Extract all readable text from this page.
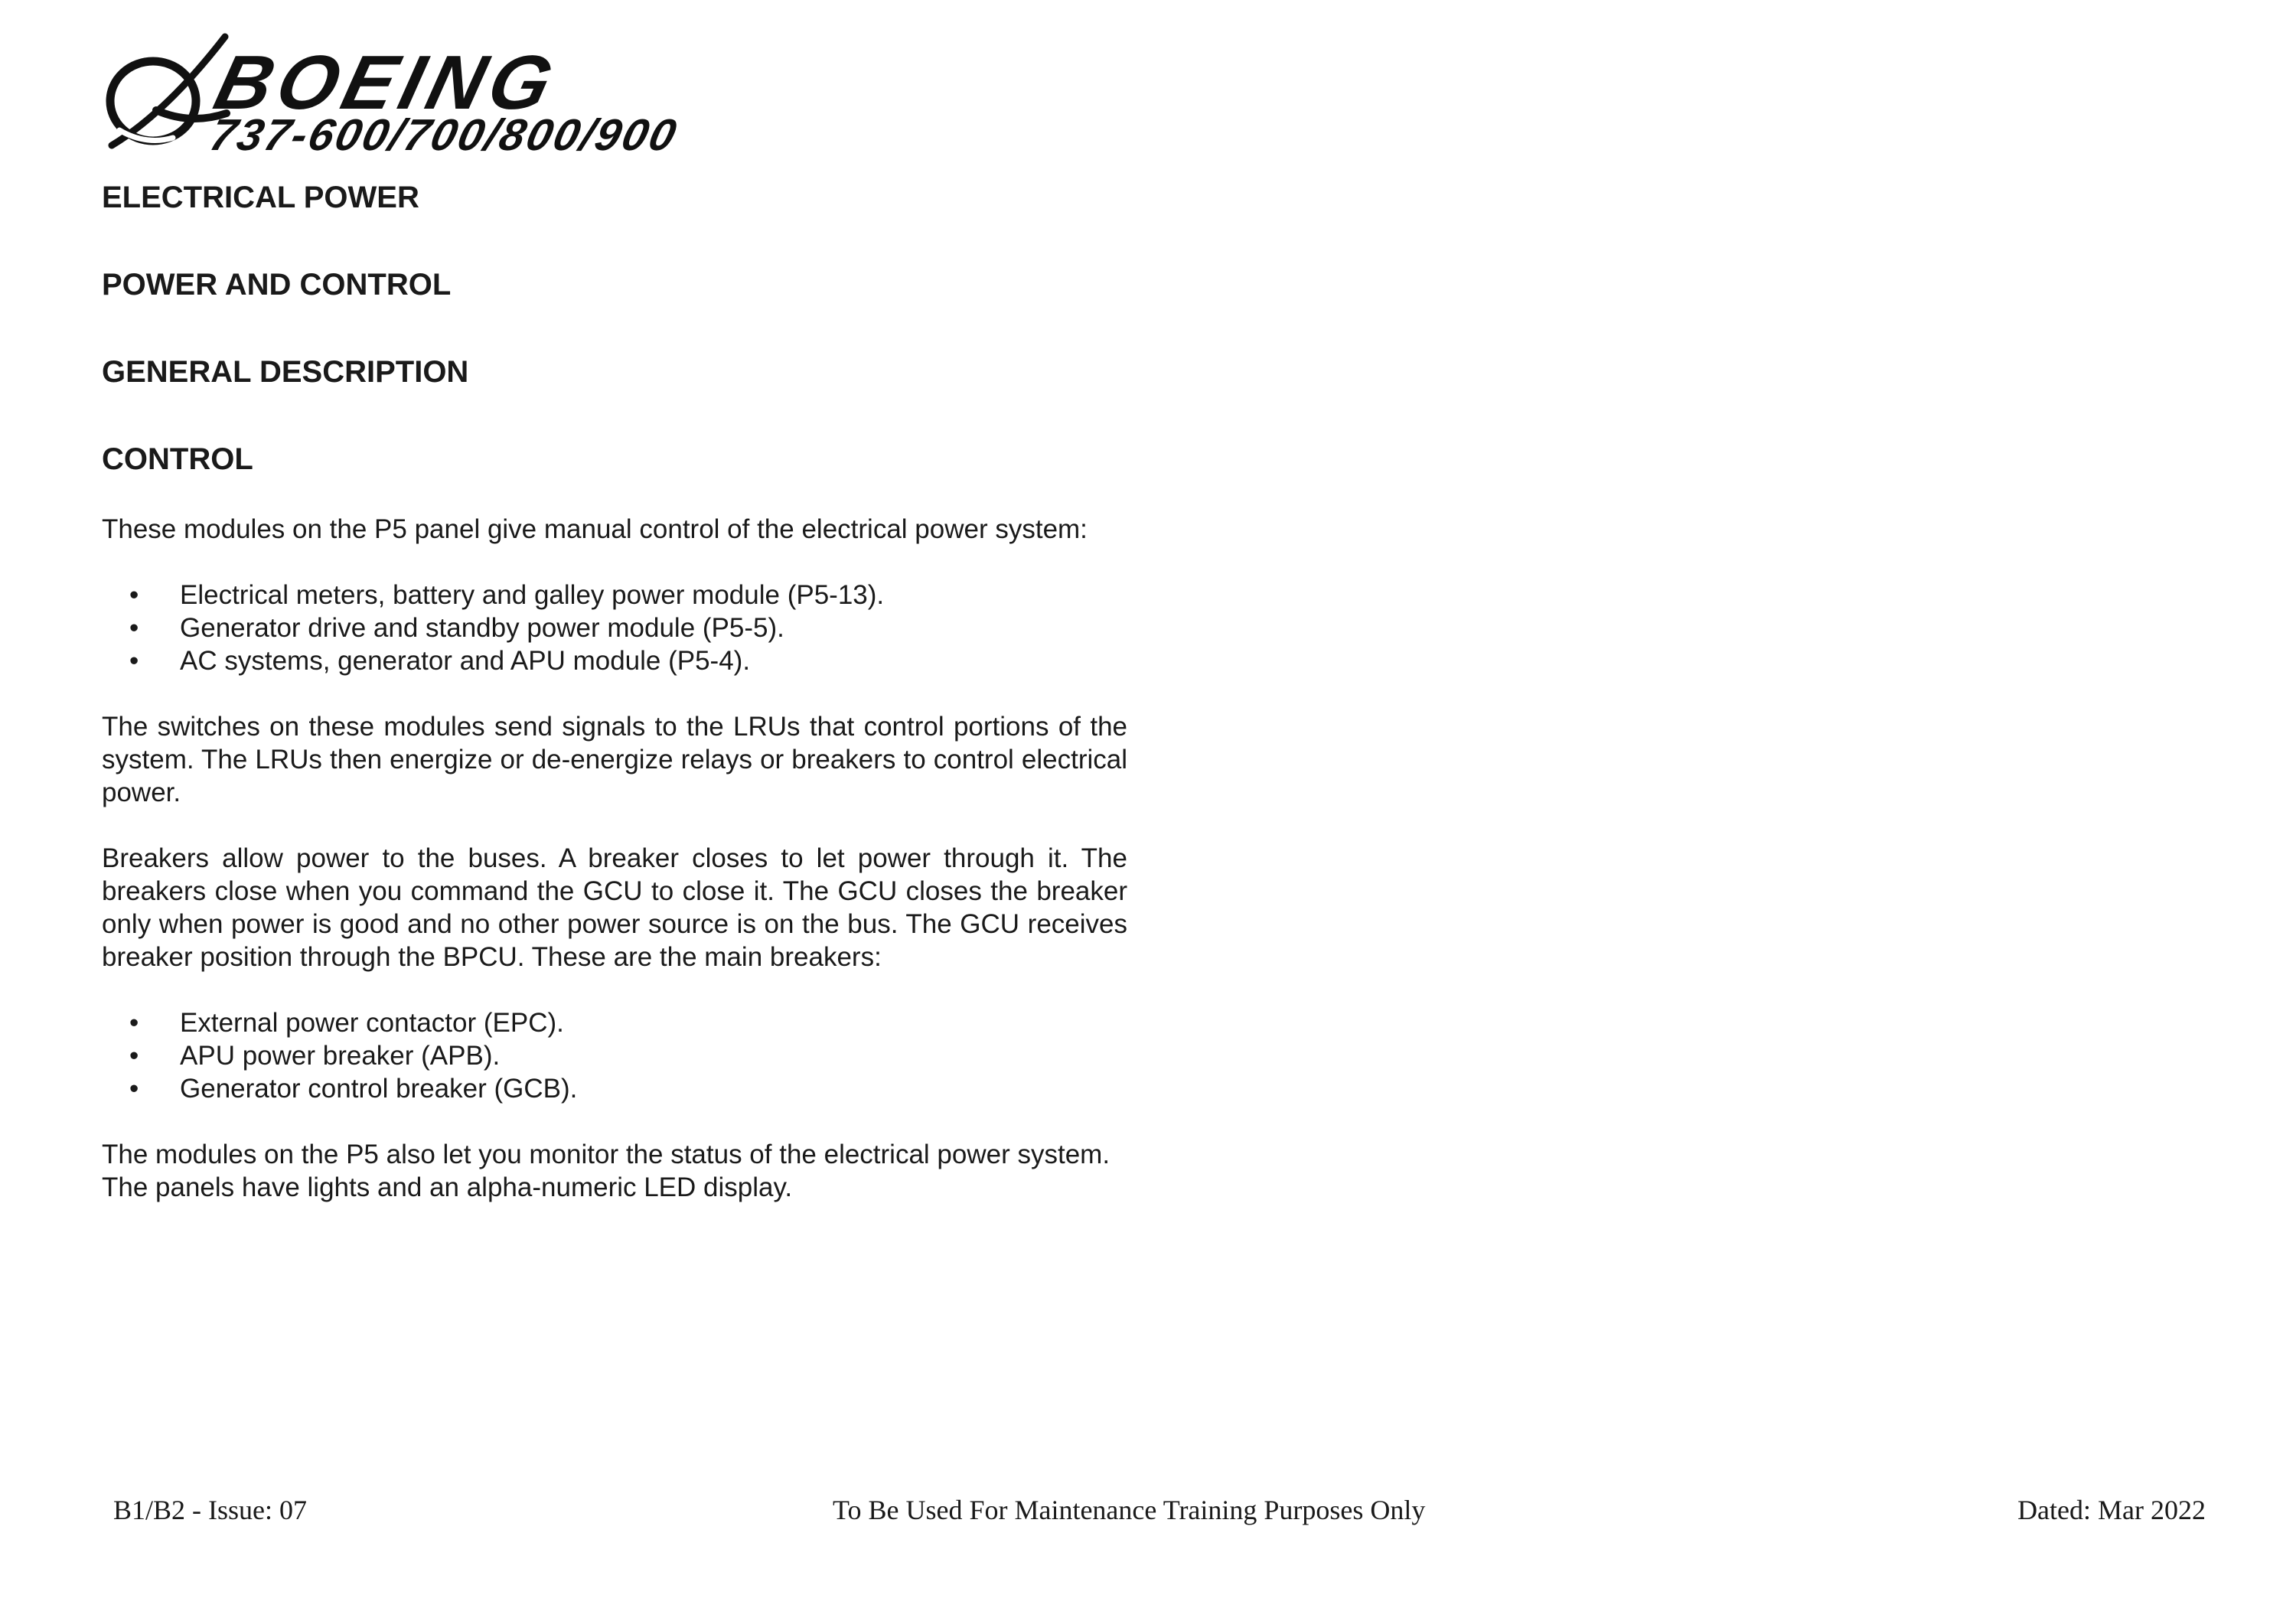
BOEING
737-600/700/800/900
ELECTRICAL POWER
POWER AND CONTROL
GENERAL DESCRIPTION
CONTROL

These modules on the P5 panel give manual control of the electrical power system:

• Electrical meters, battery and galley power module (P5-13).
• Generator drive and standby power module (P5-5).
• AC systems, generator and APU module (P5-4).

The switches on these modules send signals to the LRUs that control portions of the system. The LRUs then energize or de-energize relays or breakers to control electrical power.

Breakers allow power to the buses. A breaker closes to let power through it. The breakers close when you command the GCU to close it. The GCU closes the breaker only when power is good and no other power source is on the bus. The GCU receives breaker position through the BPCU. These are the main breakers:

• External power contactor (EPC).
• APU power breaker (APB).
• Generator control breaker (GCB).

The modules on the P5 also let you monitor the status of the electrical power system. The panels have lights and an alpha-numeric LED display.

B1/B2 - Issue: 07	To Be Used For Maintenance Training Purposes Only	Dated: Mar 2022
